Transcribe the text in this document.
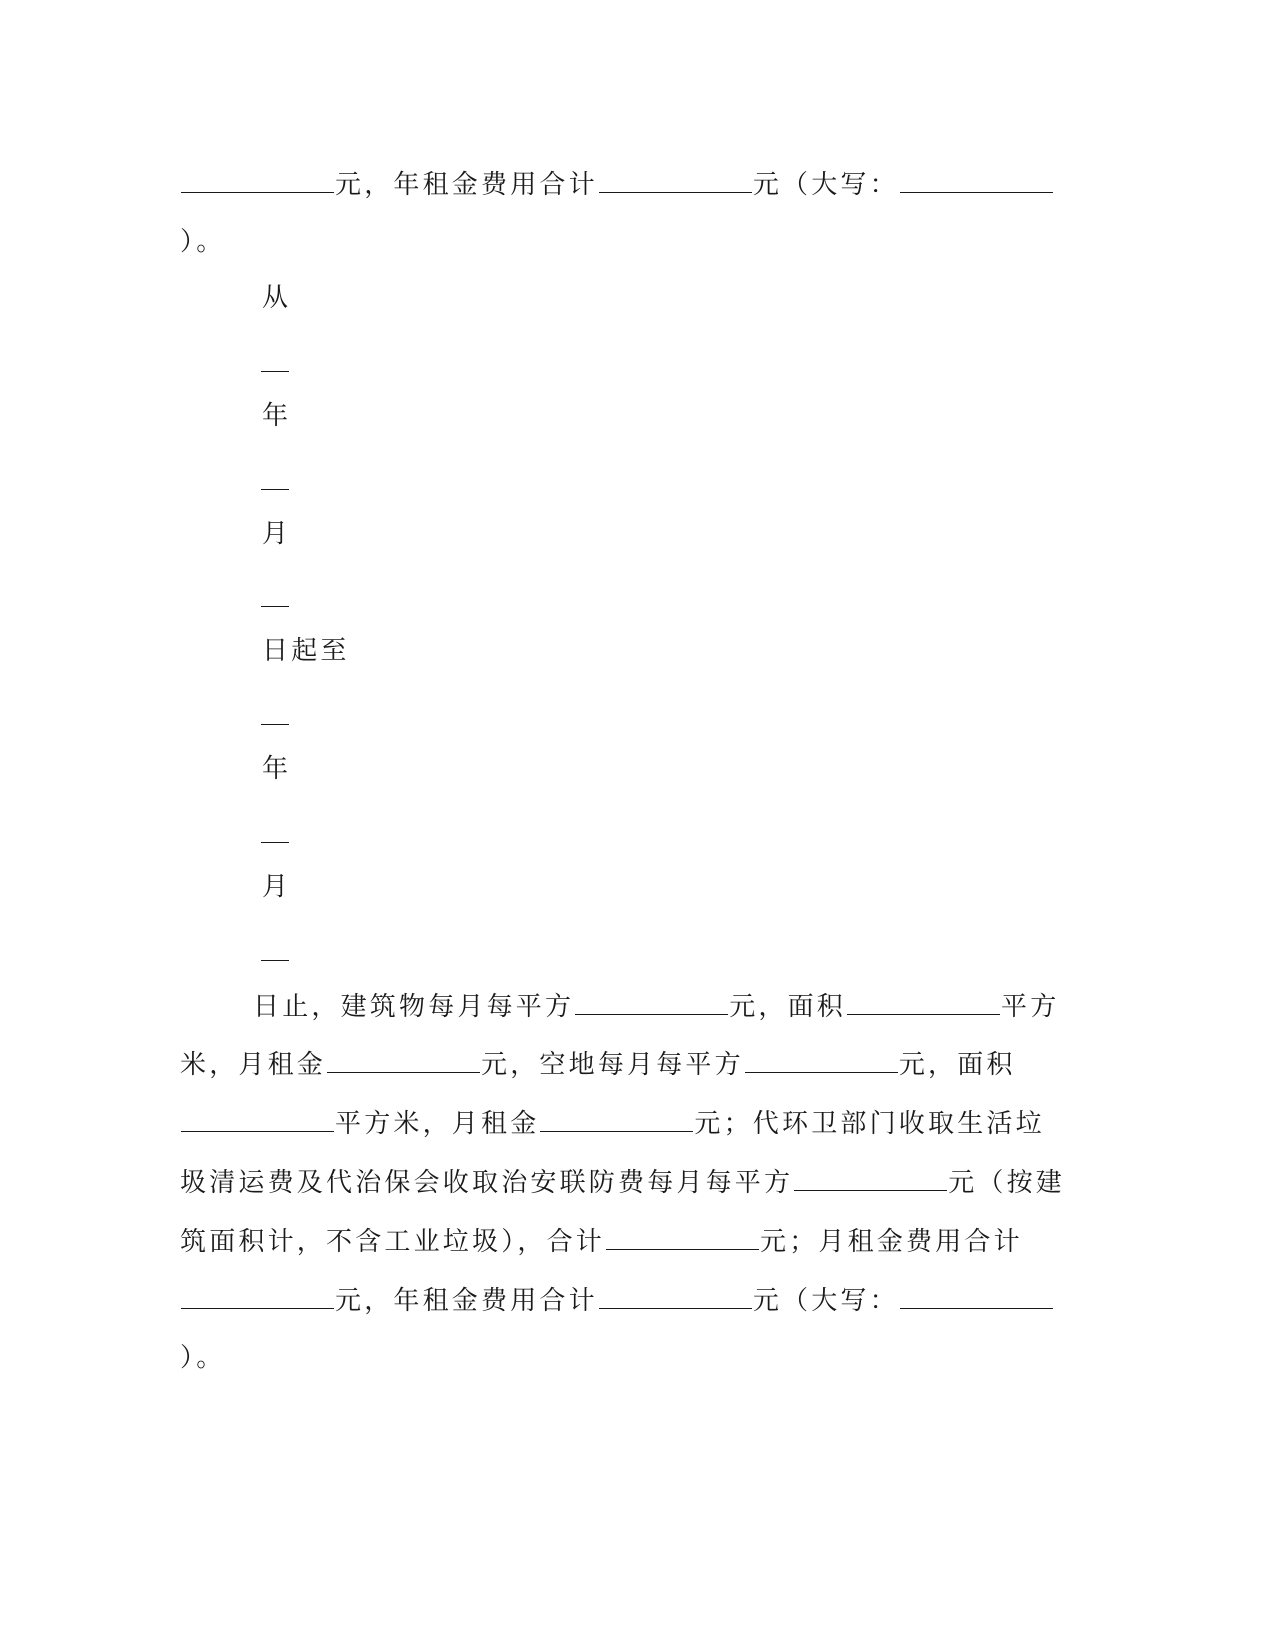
元，年租金费用合计	元（大写：
）。
从
年
月
日起至
年
月
日止，建筑物每月每平方	元，面积	平方
米，月租金	元，空地每月每平方	元，面积
平方米，月租金	元；代环卫部门收取生活垃
圾清运费及代治保会收取治安联防费每月每平方	元（按建
筑面积计，不含工业垃圾），合计	元；月租金费用合计
元，年租金费用合计	元（大写：
）。
